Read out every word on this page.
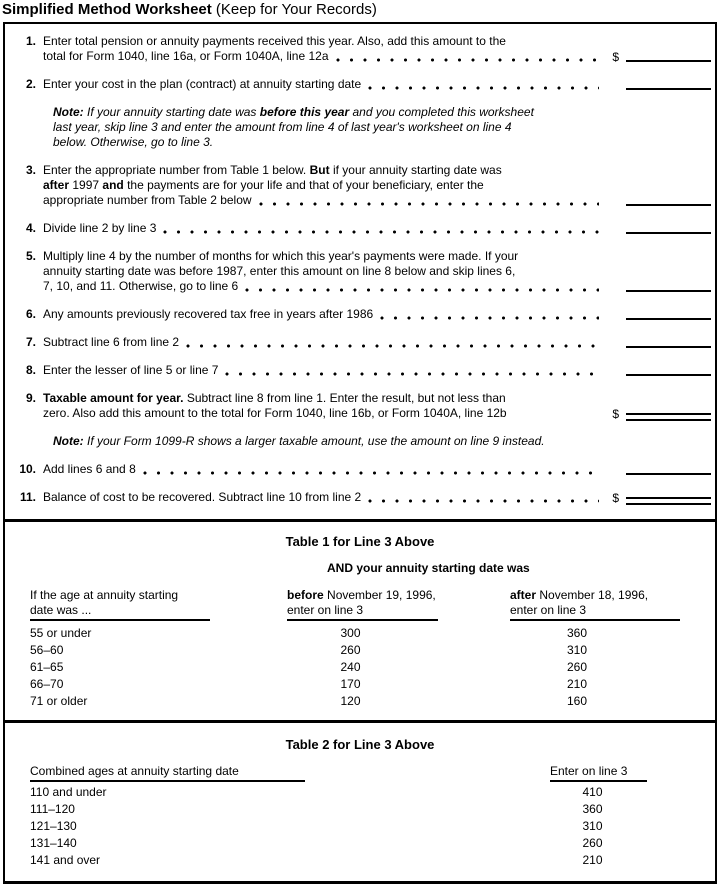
Simplified Method Worksheet (Keep for Your Records)
1. Enter total pension or annuity payments received this year. Also, add this amount to the
total for Form 1040, line 16a, or Form 1040A, line 12a	$
2. Enter your cost in the plan (contract) at annuity starting date
Note: If your annuity starting date was before this year and you completed this worksheet
last year, skip line 3 and enter the amount from line 4 of last year's worksheet on line 4
below. Otherwise, go to line 3.
3. Enter the appropriate number from Table 1 below. But if your annuity starting date was
after 1997 and the payments are for your life and that of your beneficiary, enter the
appropriate number from Table 2 below
4. Divide line 2 by line 3
5. Multiply line 4 by the number of months for which this year's payments were made. If your
annuity starting date was before 1987, enter this amount on line 8 below and skip lines 6,
7, 10, and 11. Otherwise, go to line 6
6. Any amounts previously recovered tax free in years after 1986
7. Subtract line 6 from line 2
8. Enter the lesser of line 5 or line 7
9. Taxable amount for year. Subtract line 8 from line 1. Enter the result, but not less than
zero. Also add this amount to the total for Form 1040, line 16b, or Form 1040A, line 12b	$
Note: If your Form 1099-R shows a larger taxable amount, use the amount on line 9 instead.
10. Add lines 6 and 8
11. Balance of cost to be recovered. Subtract line 10 from line 2	$
Table 1 for Line 3 Above
AND your annuity starting date was
If the age at annuity starting
date was ...
before November 19, 1996,
enter on line 3
after November 18, 1996,
enter on line 3
55 or under	300	360
56–60	260	310
61–65	240	260
66–70	170	210
71 or older	120	160
Table 2 for Line 3 Above
Combined ages at annuity starting date	Enter on line 3
110 and under	410
111–120	360
121–130	310
131–140	260
141 and over	210
